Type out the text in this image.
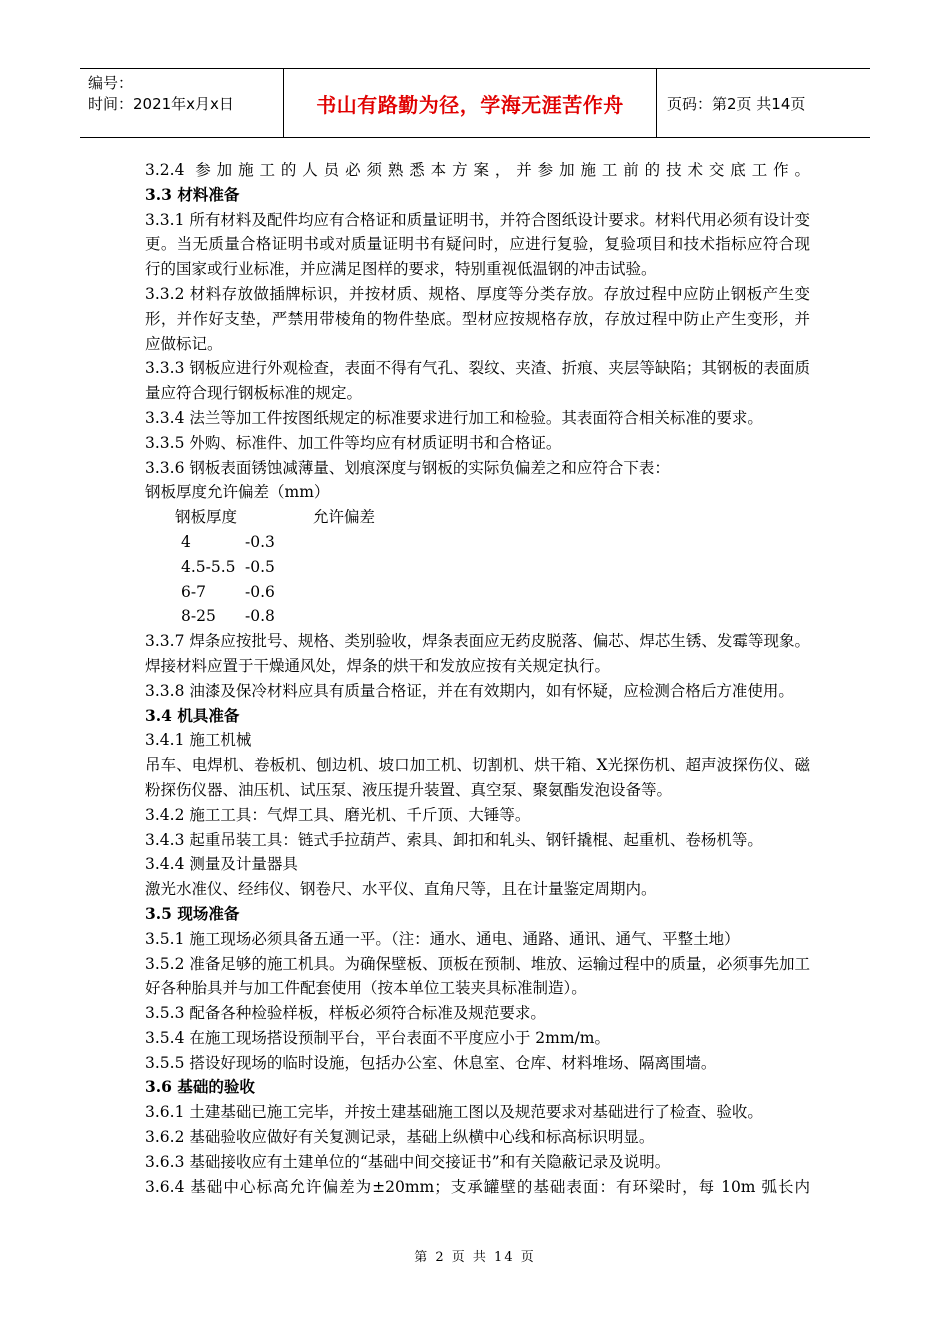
编号：
时间：2021年x月x日	书山有路勤为径，学海无涯苦作舟	页码：第2页 共14页
3.2.4 参加施工的人员必须熟悉本方案，并参加施工前的技术交底工作。
3.3 材料准备
3.3.1 所有材料及配件均应有合格证和质量证明书，并符合图纸设计要求。材料代用必须有设计变更。当无质量合格证明书或对质量证明书有疑问时，应进行复验，复验项目和技术指标应符合现行的国家或行业标准，并应满足图样的要求，特别重视低温钢的冲击试验。
3.3.2 材料存放做插牌标识，并按材质、规格、厚度等分类存放。存放过程中应防止钢板产生变形，并作好支垫，严禁用带棱角的物件垫底。型材应按规格存放，存放过程中防止产生变形，并应做标记。
3.3.3 钢板应进行外观检查，表面不得有气孔、裂纹、夹渣、折痕、夹层等缺陷；其钢板的表面质量应符合现行钢板标准的规定。
3.3.4 法兰等加工件按图纸规定的标准要求进行加工和检验。其表面符合相关标准的要求。
3.3.5 外购、标准件、加工件等均应有材质证明书和合格证。
3.3.6 钢板表面锈蚀减薄量、划痕深度与钢板的实际负偏差之和应符合下表：
钢板厚度允许偏差（mm）
钢板厚度	允许偏差
4	-0.3
4.5-5.5 -0.5
6-7	-0.6
8-25	-0.8
3.3.7 焊条应按批号、规格、类别验收，焊条表面应无药皮脱落、偏芯、焊芯生锈、发霉等现象。焊接材料应置于干燥通风处，焊条的烘干和发放应按有关规定执行。
3.3.8 油漆及保冷材料应具有质量合格证，并在有效期内，如有怀疑，应检测合格后方准使用。
3.4 机具准备
3.4.1 施工机械
吊车、电焊机、卷板机、刨边机、坡口加工机、切割机、烘干箱、X光探伤机、超声波探伤仪、磁粉探伤仪器、油压机、试压泵、液压提升装置、真空泵、聚氨酯发泡设备等。
3.4.2 施工工具：气焊工具、磨光机、千斤顶、大锤等。
3.4.3 起重吊装工具：链式手拉葫芦、索具、卸扣和轧头、钢钎撬棍、起重机、卷杨机等。
3.4.4 测量及计量器具
激光水准仪、经纬仪、钢卷尺、水平仪、直角尺等，且在计量鉴定周期内。
3.5 现场准备
3.5.1 施工现场必须具备五通一平。（注：通水、通电、通路、通讯、通气、平整土地）
3.5.2 准备足够的施工机具。为确保壁板、顶板在预制、堆放、运输过程中的质量，必须事先加工好各种胎具并与加工件配套使用（按本单位工装夹具标准制造）。
3.5.3 配备各种检验样板，样板必须符合标准及规范要求。
3.5.4 在施工现场搭设预制平台，平台表面不平度应小于 2mm/m。
3.5.5 搭设好现场的临时设施，包括办公室、休息室、仓库、材料堆场、隔离围墙。
3.6 基础的验收
3.6.1 土建基础已施工完毕，并按土建基础施工图以及规范要求对基础进行了检查、验收。
3.6.2 基础验收应做好有关复测记录，基础上纵横中心线和标高标识明显。
3.6.3 基础接收应有土建单位的“基础中间交接证书”和有关隐蔽记录及说明。
3.6.4 基础中心标高允许偏差为±20mm；支承罐壁的基础表面：有环梁时，每 10m 弧长内
第 2 页 共 14 页
